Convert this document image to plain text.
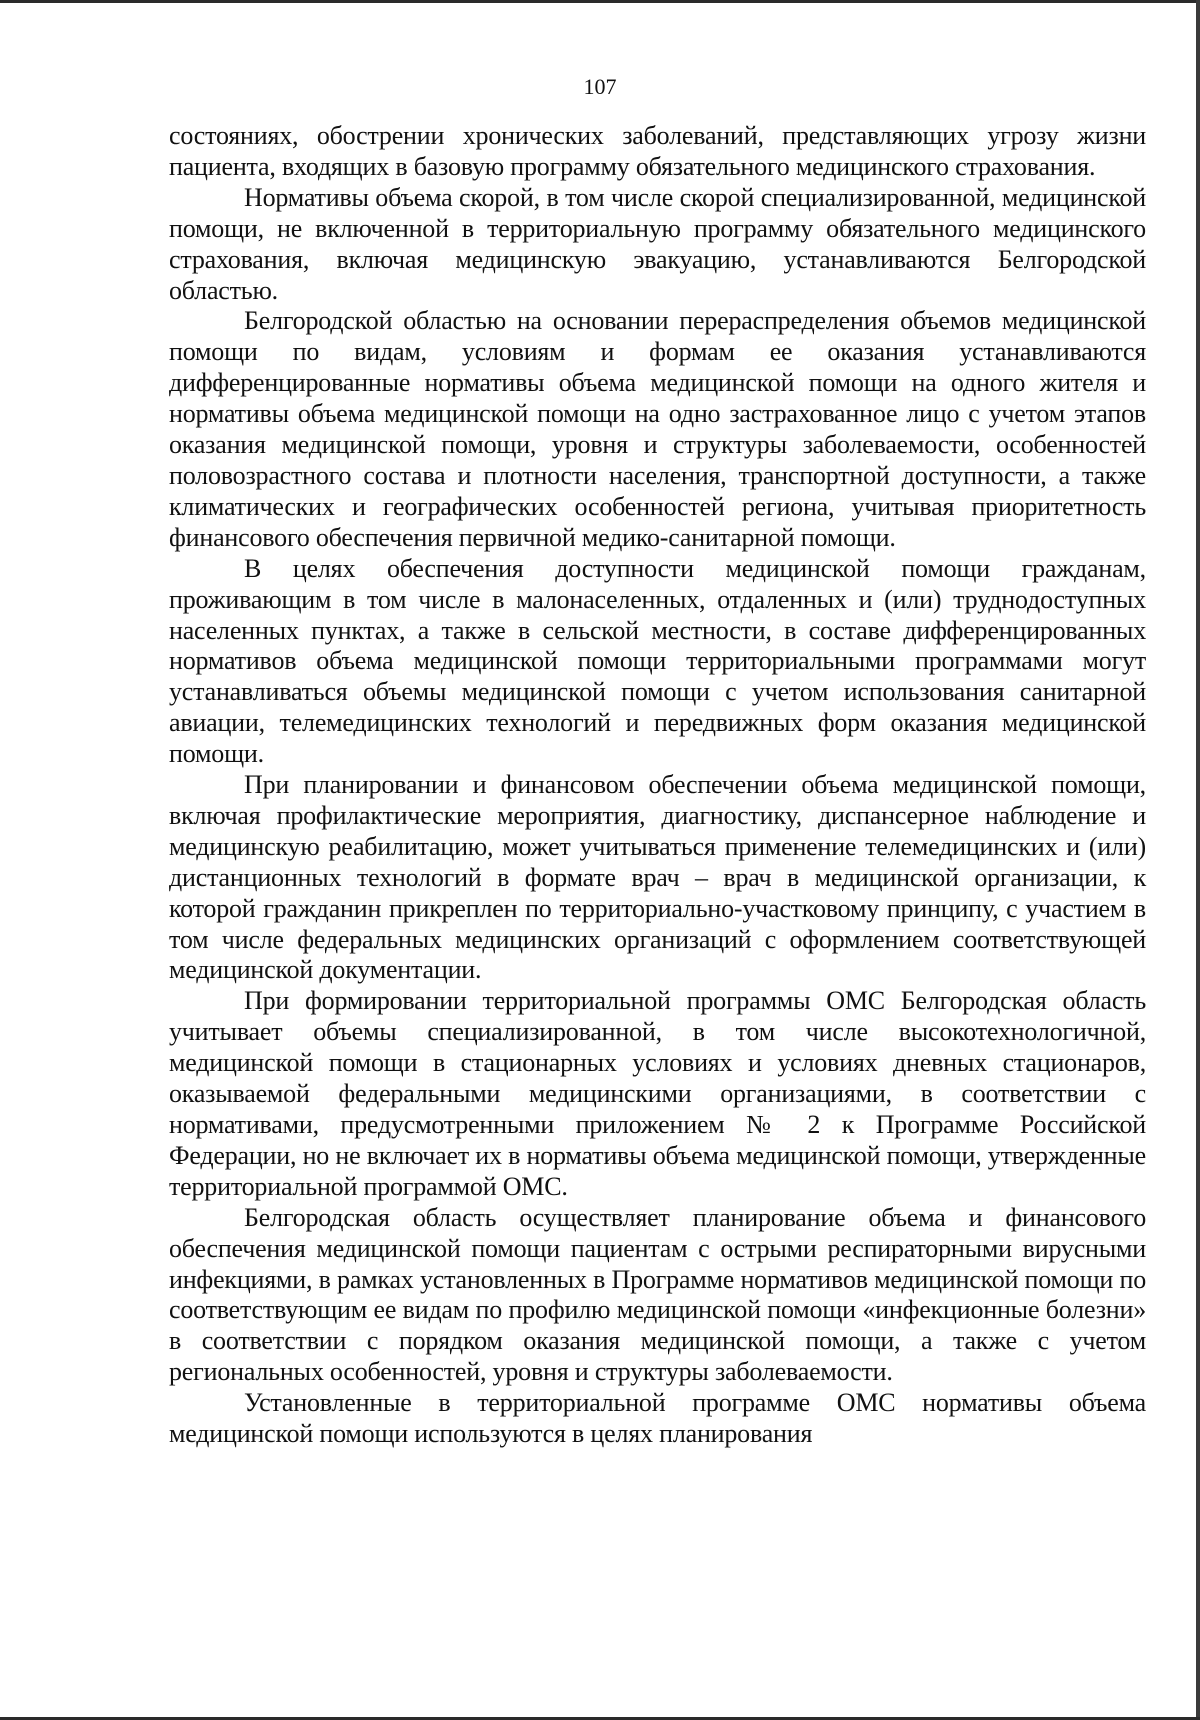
107

состояниях, обострении хронических заболеваний, представляющих угрозу жизни пациента, входящих в базовую программу обязательного медицинского страхования.

Нормативы объема скорой, в том числе скорой специализированной, медицинской помощи, не включенной в территориальную программу обязательного медицинского страхования, включая медицинскую эвакуацию, устанавливаются Белгородской областью.

Белгородской областью на основании перераспределения объемов медицинской помощи по видам, условиям и формам ее оказания устанавливаются дифференцированные нормативы объема медицинской помощи на одного жителя и нормативы объема медицинской помощи на одно застрахованное лицо с учетом этапов оказания медицинской помощи, уровня и структуры заболеваемости, особенностей половозрастного состава и плотности населения, транспортной доступности, а также климатических и географических особенностей региона, учитывая приоритетность финансового обеспечения первичной медико-санитарной помощи.

В целях обеспечения доступности медицинской помощи гражданам, проживающим в том числе в малонаселенных, отдаленных и (или) труднодоступных населенных пунктах, а также в сельской местности, в составе дифференцированных нормативов объема медицинской помощи территориальными программами могут устанавливаться объемы медицинской помощи с учетом использования санитарной авиации, телемедицинских технологий и передвижных форм оказания медицинской помощи.

При планировании и финансовом обеспечении объема медицинской помощи, включая профилактические мероприятия, диагностику, диспансерное наблюдение и медицинскую реабилитацию, может учитываться применение телемедицинских и (или) дистанционных технологий в формате врач – врач в медицинской организации, к которой гражданин прикреплен по территориально-участковому принципу, с участием в том числе федеральных медицинских организаций с оформлением соответствующей медицинской документации.

При формировании территориальной программы ОМС Белгородская область учитывает объемы специализированной, в том числе высокотехнологичной, медицинской помощи в стационарных условиях и условиях дневных стационаров, оказываемой федеральными медицинскими организациями, в соответствии с нормативами, предусмотренными приложением № 2 к Программе Российской Федерации, но не включает их в нормативы объема медицинской помощи, утвержденные территориальной программой ОМС.

Белгородская область осуществляет планирование объема и финансового обеспечения медицинской помощи пациентам с острыми респираторными вирусными инфекциями, в рамках установленных в Программе нормативов медицинской помощи по соответствующим ее видам по профилю медицинской помощи «инфекционные болезни» в соответствии с порядком оказания медицинской помощи, а также с учетом региональных особенностей, уровня и структуры заболеваемости.

Установленные в территориальной программе ОМС нормативы объема медицинской помощи используются в целях планирования
